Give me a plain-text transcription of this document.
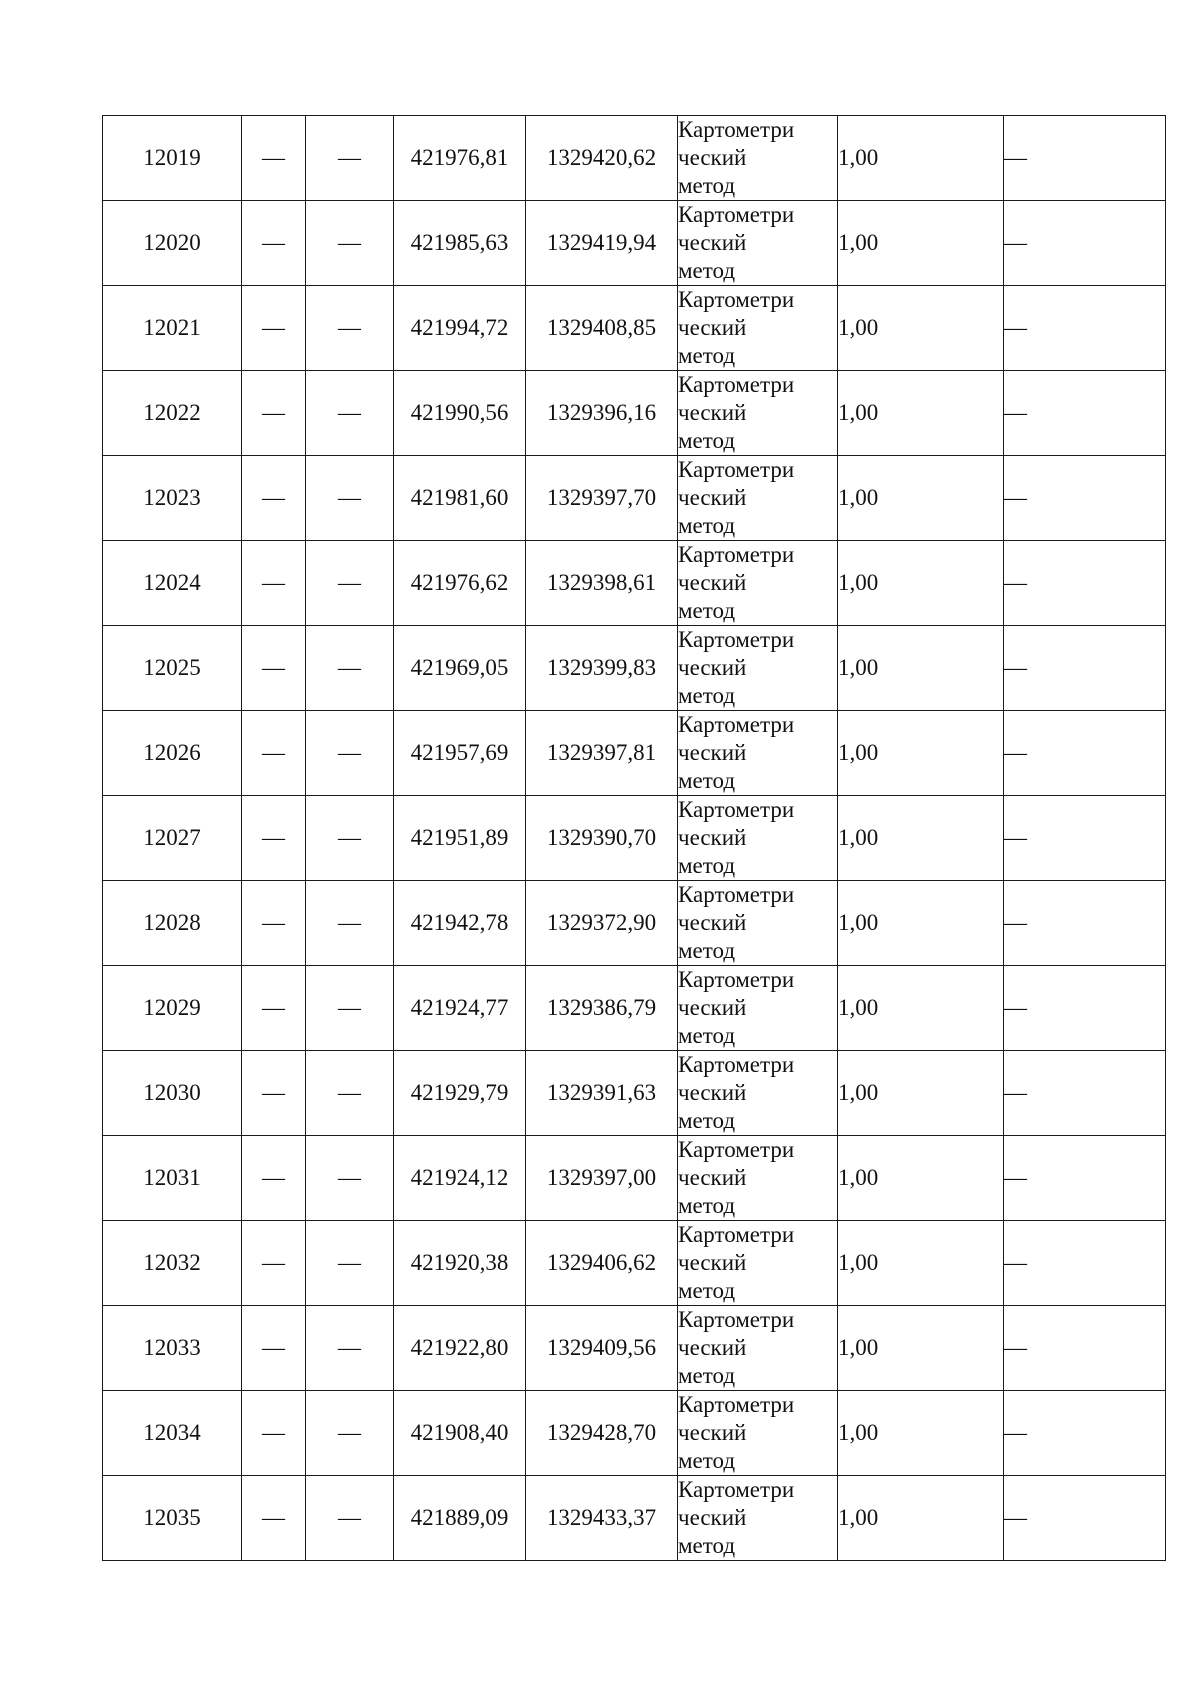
12019	—	—	421976,81	1329420,62	Картометри
ческий
метод	1,00	—
12020	—	—	421985,63	1329419,94	Картометри
ческий
метод	1,00	—
12021	—	—	421994,72	1329408,85	Картометри
ческий
метод	1,00	—
12022	—	—	421990,56	1329396,16	Картометри
ческий
метод	1,00	—
12023	—	—	421981,60	1329397,70	Картометри
ческий
метод	1,00	—
12024	—	—	421976,62	1329398,61	Картометри
ческий
метод	1,00	—
12025	—	—	421969,05	1329399,83	Картометри
ческий
метод	1,00	—
12026	—	—	421957,69	1329397,81	Картометри
ческий
метод	1,00	—
12027	—	—	421951,89	1329390,70	Картометри
ческий
метод	1,00	—
12028	—	—	421942,78	1329372,90	Картометри
ческий
метод	1,00	—
12029	—	—	421924,77	1329386,79	Картометри
ческий
метод	1,00	—
12030	—	—	421929,79	1329391,63	Картометри
ческий
метод	1,00	—
12031	—	—	421924,12	1329397,00	Картометри
ческий
метод	1,00	—
12032	—	—	421920,38	1329406,62	Картометри
ческий
метод	1,00	—
12033	—	—	421922,80	1329409,56	Картометри
ческий
метод	1,00	—
12034	—	—	421908,40	1329428,70	Картометри
ческий
метод	1,00	—
12035	—	—	421889,09	1329433,37	Картометри
ческий
метод	1,00	—
